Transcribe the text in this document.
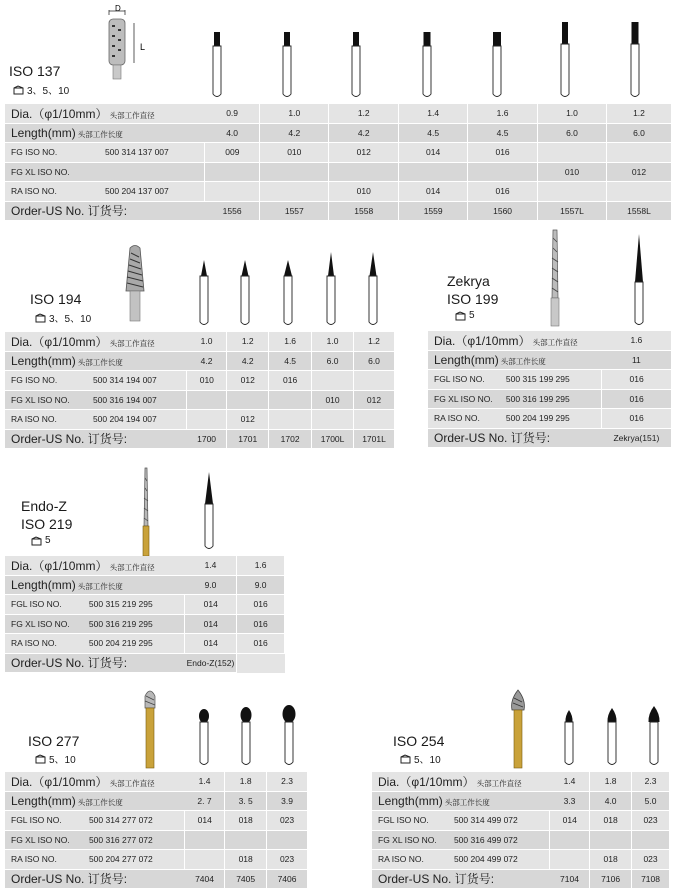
D
L
ISO 137
3、5、10
Dia.（φ1/10mm） 头部工作直径		0.9	1.0	1.2	1.4	1.6	1.0	1.2
Length(mm) 头部工作长度		4.0	4.2	4.2	4.5	4.5	6.0	6.0
FG ISO NO.	500 314 137 007	009	010	012	014	016		
FG XL ISO NO.							010	012
RA ISO NO.	500 204 137 007			010	014	016		
Order-US No. 订货号:		1556	1557	1558	1559	1560	1557L	1558L
ISO 194
3、5、10
Dia.（φ1/10mm） 头部工作直径		1.0	1.2	1.6	1.0	1.2
Length(mm) 头部工作长度		4.2	4.2	4.5	6.0	6.0
FG ISO NO.	500 314 194 007	010	012	016		
FG XL ISO NO.	500 316 194 007				010	012
RA ISO NO.	500 204 194 007		012			
Order-US No. 订货号:		1700	1701	1702	1700L	1701L
Zekrya
ISO 199
5
Dia.（φ1/10mm） 头部工作直径		1.6
Length(mm) 头部工作长度		11
FGL ISO NO.	500 315 199 295	016
FG XL ISO NO.	500 316 199 295	016
RA ISO NO.	500 204 199 295	016
Order-US No. 订货号:		Zekrya(151)
Endo-Z
ISO 219
5
Dia.（φ1/10mm） 头部工作直径		1.4	1.6
Length(mm) 头部工作长度		9.0	9.0
FGL ISO NO.	500 315 219 295	014	016
FG XL ISO NO.	500 316 219 295	014	016
RA ISO NO.	500 204 219 295	014	016
Order-US No. 订货号:		Endo-Z(152)	
ISO 277
5、10
Dia.（φ1/10mm） 头部工作直径		1.4	1.8	2.3
Length(mm) 头部工作长度		2. 7	3. 5	3.9
FGL ISO NO.	500 314 277 072	014	018	023
FG XL ISO NO.	500 316 277 072			
RA ISO NO.	500 204 277 072		018	023
Order-US No. 订货号:		7404	7405	7406
ISO 254
5、10
Dia.（φ1/10mm） 头部工作直径		1.4	1.8	2.3
Length(mm) 头部工作长度		3.3	4.0	5.0
FGL ISO NO.	500 314 499 072	014	018	023
FG XL ISO NO.	500 316 499 072			
RA ISO NO.	500 204 499 072		018	023
Order-US No. 订货号:		7104	7106	7108
